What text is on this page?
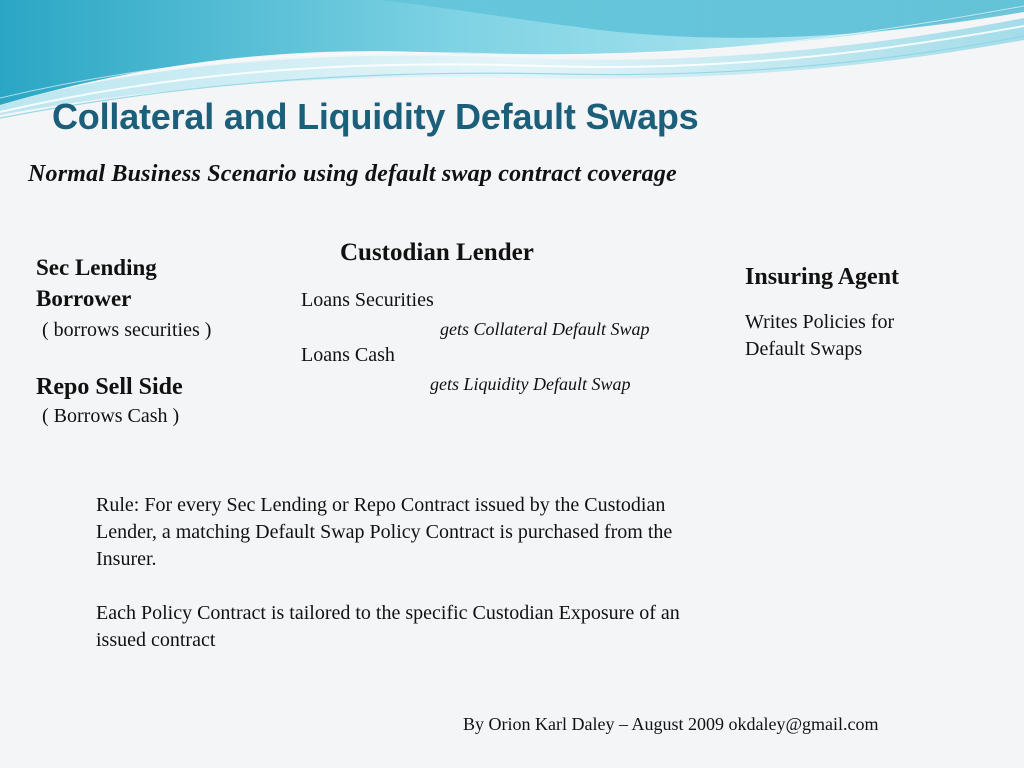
Collateral and Liquidity Default Swaps
Normal Business Scenario using default swap contract coverage
Sec Lending
Borrower
( borrows securities )
Repo Sell Side
( Borrows Cash )
Custodian Lender
Loans Securities
gets Collateral Default Swap
Loans Cash
gets Liquidity Default Swap
Insuring Agent
Writes Policies for
Default Swaps
Rule: For every Sec Lending or Repo Contract issued by the Custodian
Lender, a matching Default Swap Policy Contract is purchased from the
Insurer.
Each Policy Contract is tailored to the specific Custodian Exposure of an
issued contract
By Orion Karl Daley – August 2009 okdaley@gmail.com
